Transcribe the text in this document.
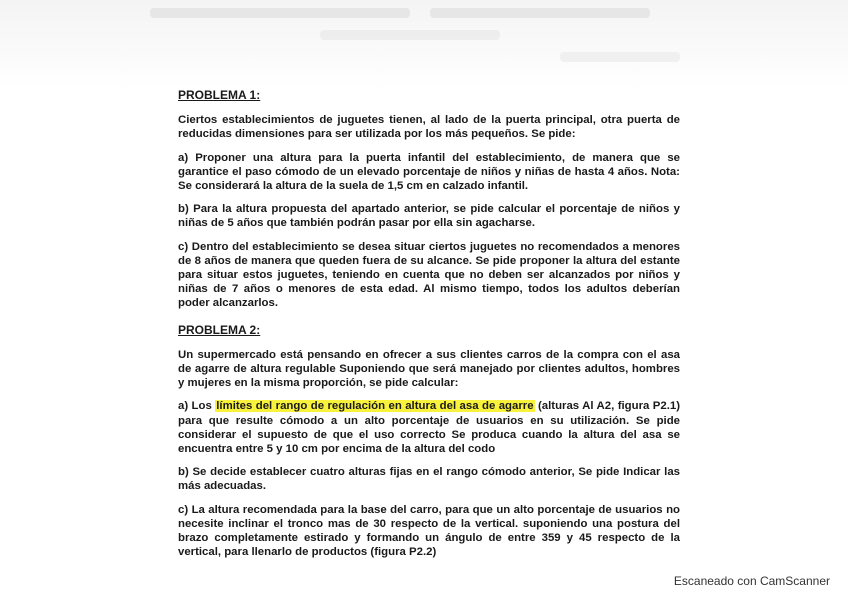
PROBLEMA 1:

Ciertos establecimientos de juguetes tienen, al lado de la puerta principal, otra puerta de reducidas dimensiones para ser utilizada por los más pequeños. Se pide:

a) Proponer una altura para la puerta infantil del establecimiento, de manera que se garantice el paso cómodo de un elevado porcentaje de niños y niñas de hasta 4 años. Nota: Se considerará la altura de la suela de 1,5 cm en calzado infantil.

b) Para la altura propuesta del apartado anterior, se pide calcular el porcentaje de niños y niñas de 5 años que también podrán pasar por ella sin agacharse.

c) Dentro del establecimiento se desea situar ciertos juguetes no recomendados a menores de 8 años de manera que queden fuera de su alcance. Se pide proponer la altura del estante para situar estos juguetes, teniendo en cuenta que no deben ser alcanzados por niños y niñas de 7 años o menores de esta edad. Al mismo tiempo, todos los adultos deberían poder alcanzarlos.

PROBLEMA 2:

Un supermercado está pensando en ofrecer a sus clientes carros de la compra con el asa de agarre de altura regulable Suponiendo que será manejado por clientes adultos, hombres y mujeres en la misma proporción, se pide calcular:

a) Los límites del rango de regulación en altura del asa de agarre (alturas Al A2, figura P2.1) para que resulte cómodo a un alto porcentaje de usuarios en su utilización. Se pide considerar el supuesto de que el uso correcto Se produca cuando la altura del asa se encuentra entre 5 y 10 cm por encima de la altura del codo

b) Se decide establecer cuatro alturas fijas en el rango cómodo anterior, Se pide Indicar las más adecuadas.

c) La altura recomendada para la base del carro, para que un alto porcentaje de usuarios no necesite inclinar el tronco mas de 30 respecto de la vertical. suponiendo una postura del brazo completamente estirado y formando un ángulo de entre 359 y 45 respecto de la vertical, para llenarlo de productos (figura P2.2)

Escaneado con CamScanner
